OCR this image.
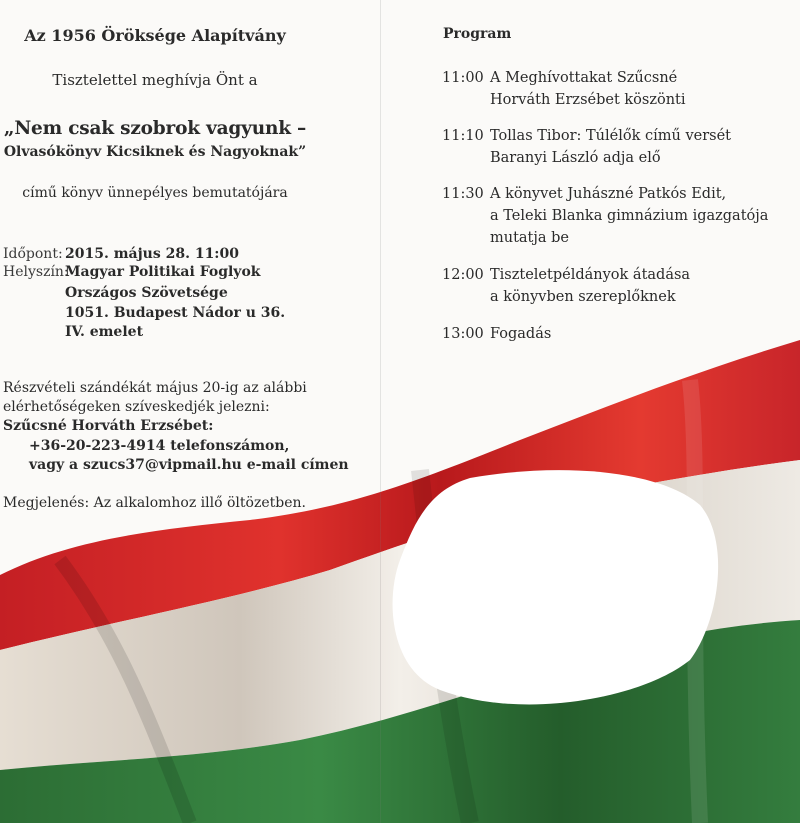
Az 1956 Öröksége Alapítvány
Tisztelettel meghívja Önt a
„Nem csak szobrok vagyunk –
Olvasókönyv Kicsiknek és Nagyoknak”
című könyv ünnepélyes bemutatójára
Időpont: 2015. május 28. 11:00
Helyszín:
Magyar Politikai Foglyok
Országos Szövetsége
1051. Budapest Nádor u 36.
IV. emelet
Részvételi szándékát május 20-ig az alábbi
elérhetőségeken szíveskedjék jelezni:
Szűcsné Horváth Erzsébet:
+36-20-223-4914 telefonszámon,
vagy a szucs37@vipmail.hu e-mail címen
Megjelenés: Az alkalomhoz illő öltözetben.
Program
11:00 A Meghívottakat Szűcsné
Horváth Erzsébet köszönti
11:10 Tollas Tibor: Túlélők című versét
Baranyi László adja elő
11:30 A könyvet Juhászné Patkós Edit,
a Teleki Blanka gimnázium igazgatója
mutatja be
12:00 Tiszteletpéldányok átadása
a könyvben szereplőknek
13:00 Fogadás
